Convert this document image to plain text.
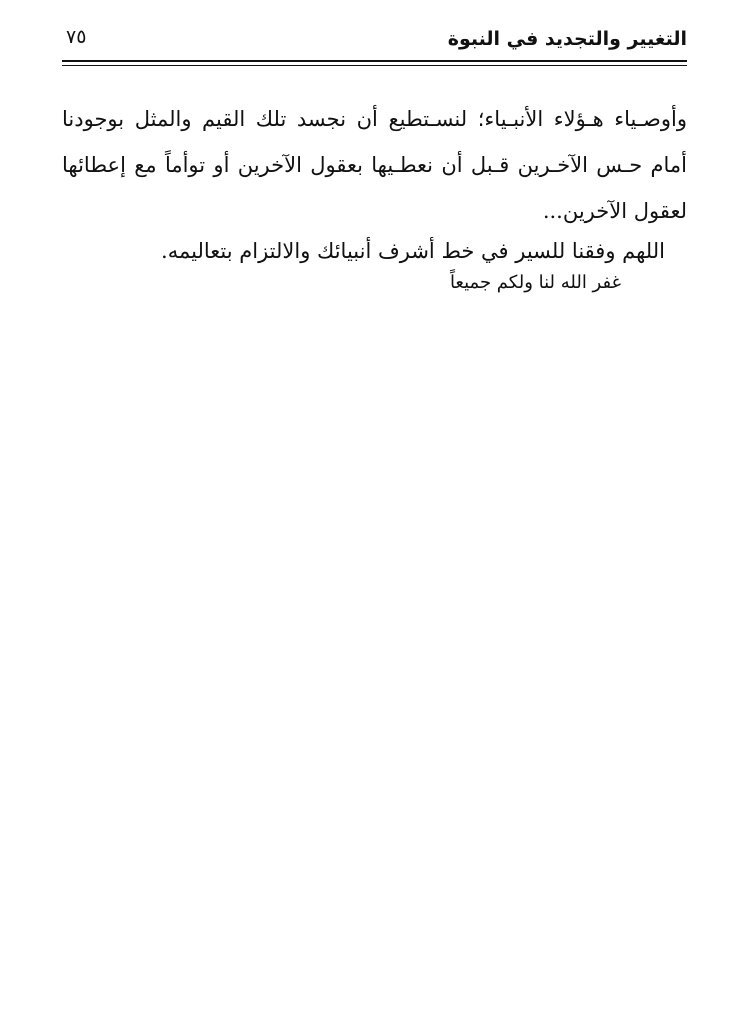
التغيير والتجديد في النبوة
٧٥

وأوصـياء هـؤلاء الأنبـياء؛ لنسـتطيع أن نجسد تلك القيم والمثل بوجودنا أمام حـس الآخـرين قـبل أن نعطـيها بعقول الآخرين أو توأماً مع إعطائها لعقول الآخرين...

اللهم وفقنا للسير في خط أشرف أنبيائك والالتزام بتعاليمه.

غفر الله لنا ولكم جميعاً
